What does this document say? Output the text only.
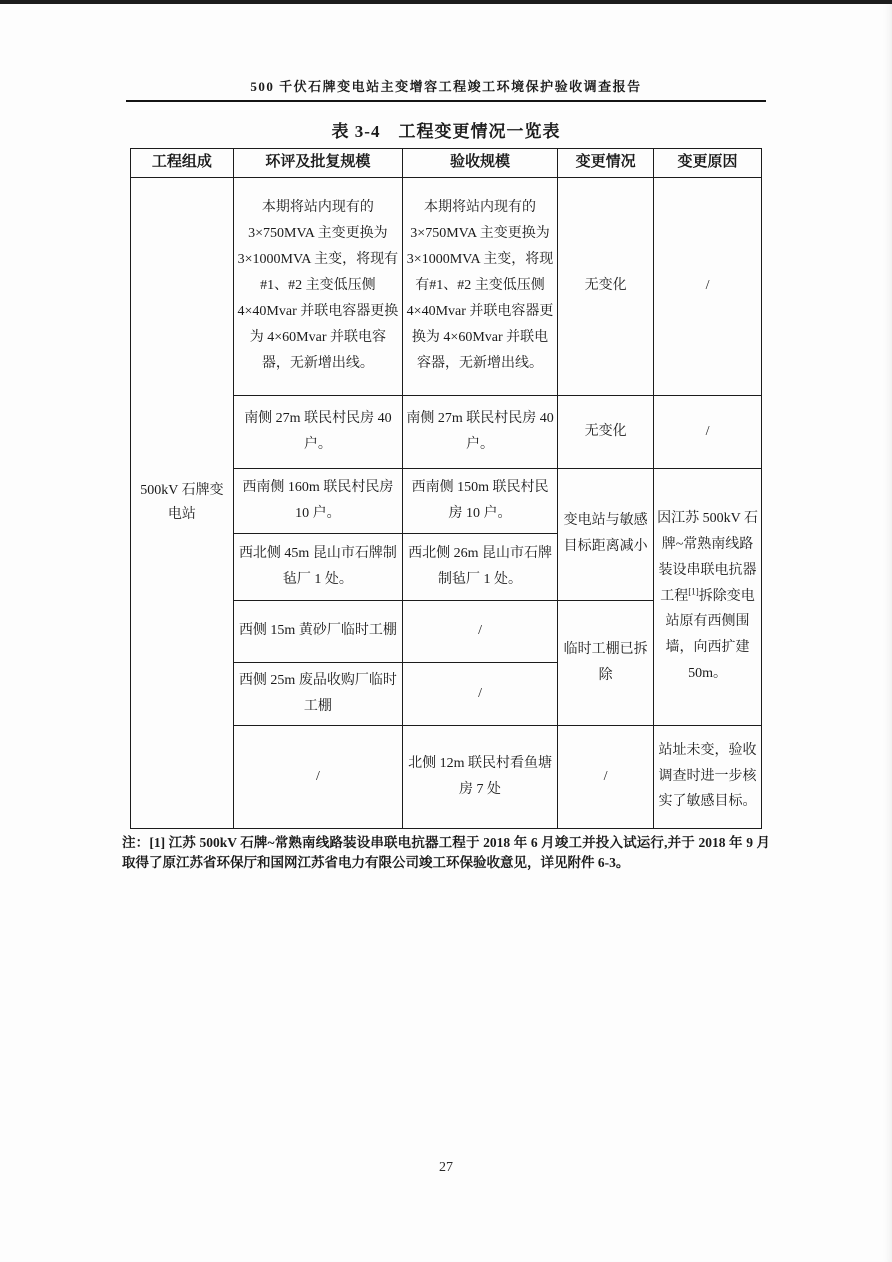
500 千伏石牌变电站主变增容工程竣工环境保护验收调查报告
表 3-4　工程变更情况一览表
工程组成	环评及批复规模	验收规模	变更情况	变更原因
500kV 石牌变电站	本期将站内现有的 3×750MVA 主变更换为 3×1000MVA 主变，将现有#1、#2 主变低压侧 4×40Mvar 并联电容器更换为 4×60Mvar 并联电容器，无新增出线。	本期将站内现有的 3×750MVA 主变更换为 3×1000MVA 主变，将现有#1、#2 主变低压侧 4×40Mvar 并联电容器更换为 4×60Mvar 并联电容器，无新增出线。	无变化	/
	南侧 27m 联民村民房 40 户。	南侧 27m 联民村民房 40 户。	无变化	/
	西南侧 160m 联民村民房 10 户。	西南侧 150m 联民村民房 10 户。	变电站与敏感目标距离减小	因江苏 500kV 石牌~常熟南线路装设串联电抗器工程[1]拆除变电站原有西侧围墙，向西扩建 50m。
	西北侧 45m 昆山市石牌制毡厂 1 处。	西北侧 26m 昆山市石牌制毡厂 1 处。		
	西侧 15m 黄砂厂临时工棚	/	临时工棚已拆除	
	西侧 25m 废品收购厂临时工棚	/		
	/	北侧 12m 联民村看鱼塘房 7 处	/	站址未变，验收调查时进一步核实了敏感目标。

注：[1] 江苏 500kV 石牌~常熟南线路装设串联电抗器工程于 2018 年 6 月竣工并投入试运行,并于 2018 年 9 月取得了原江苏省环保厅和国网江苏省电力有限公司竣工环保验收意见，详见附件 6-3。

27
